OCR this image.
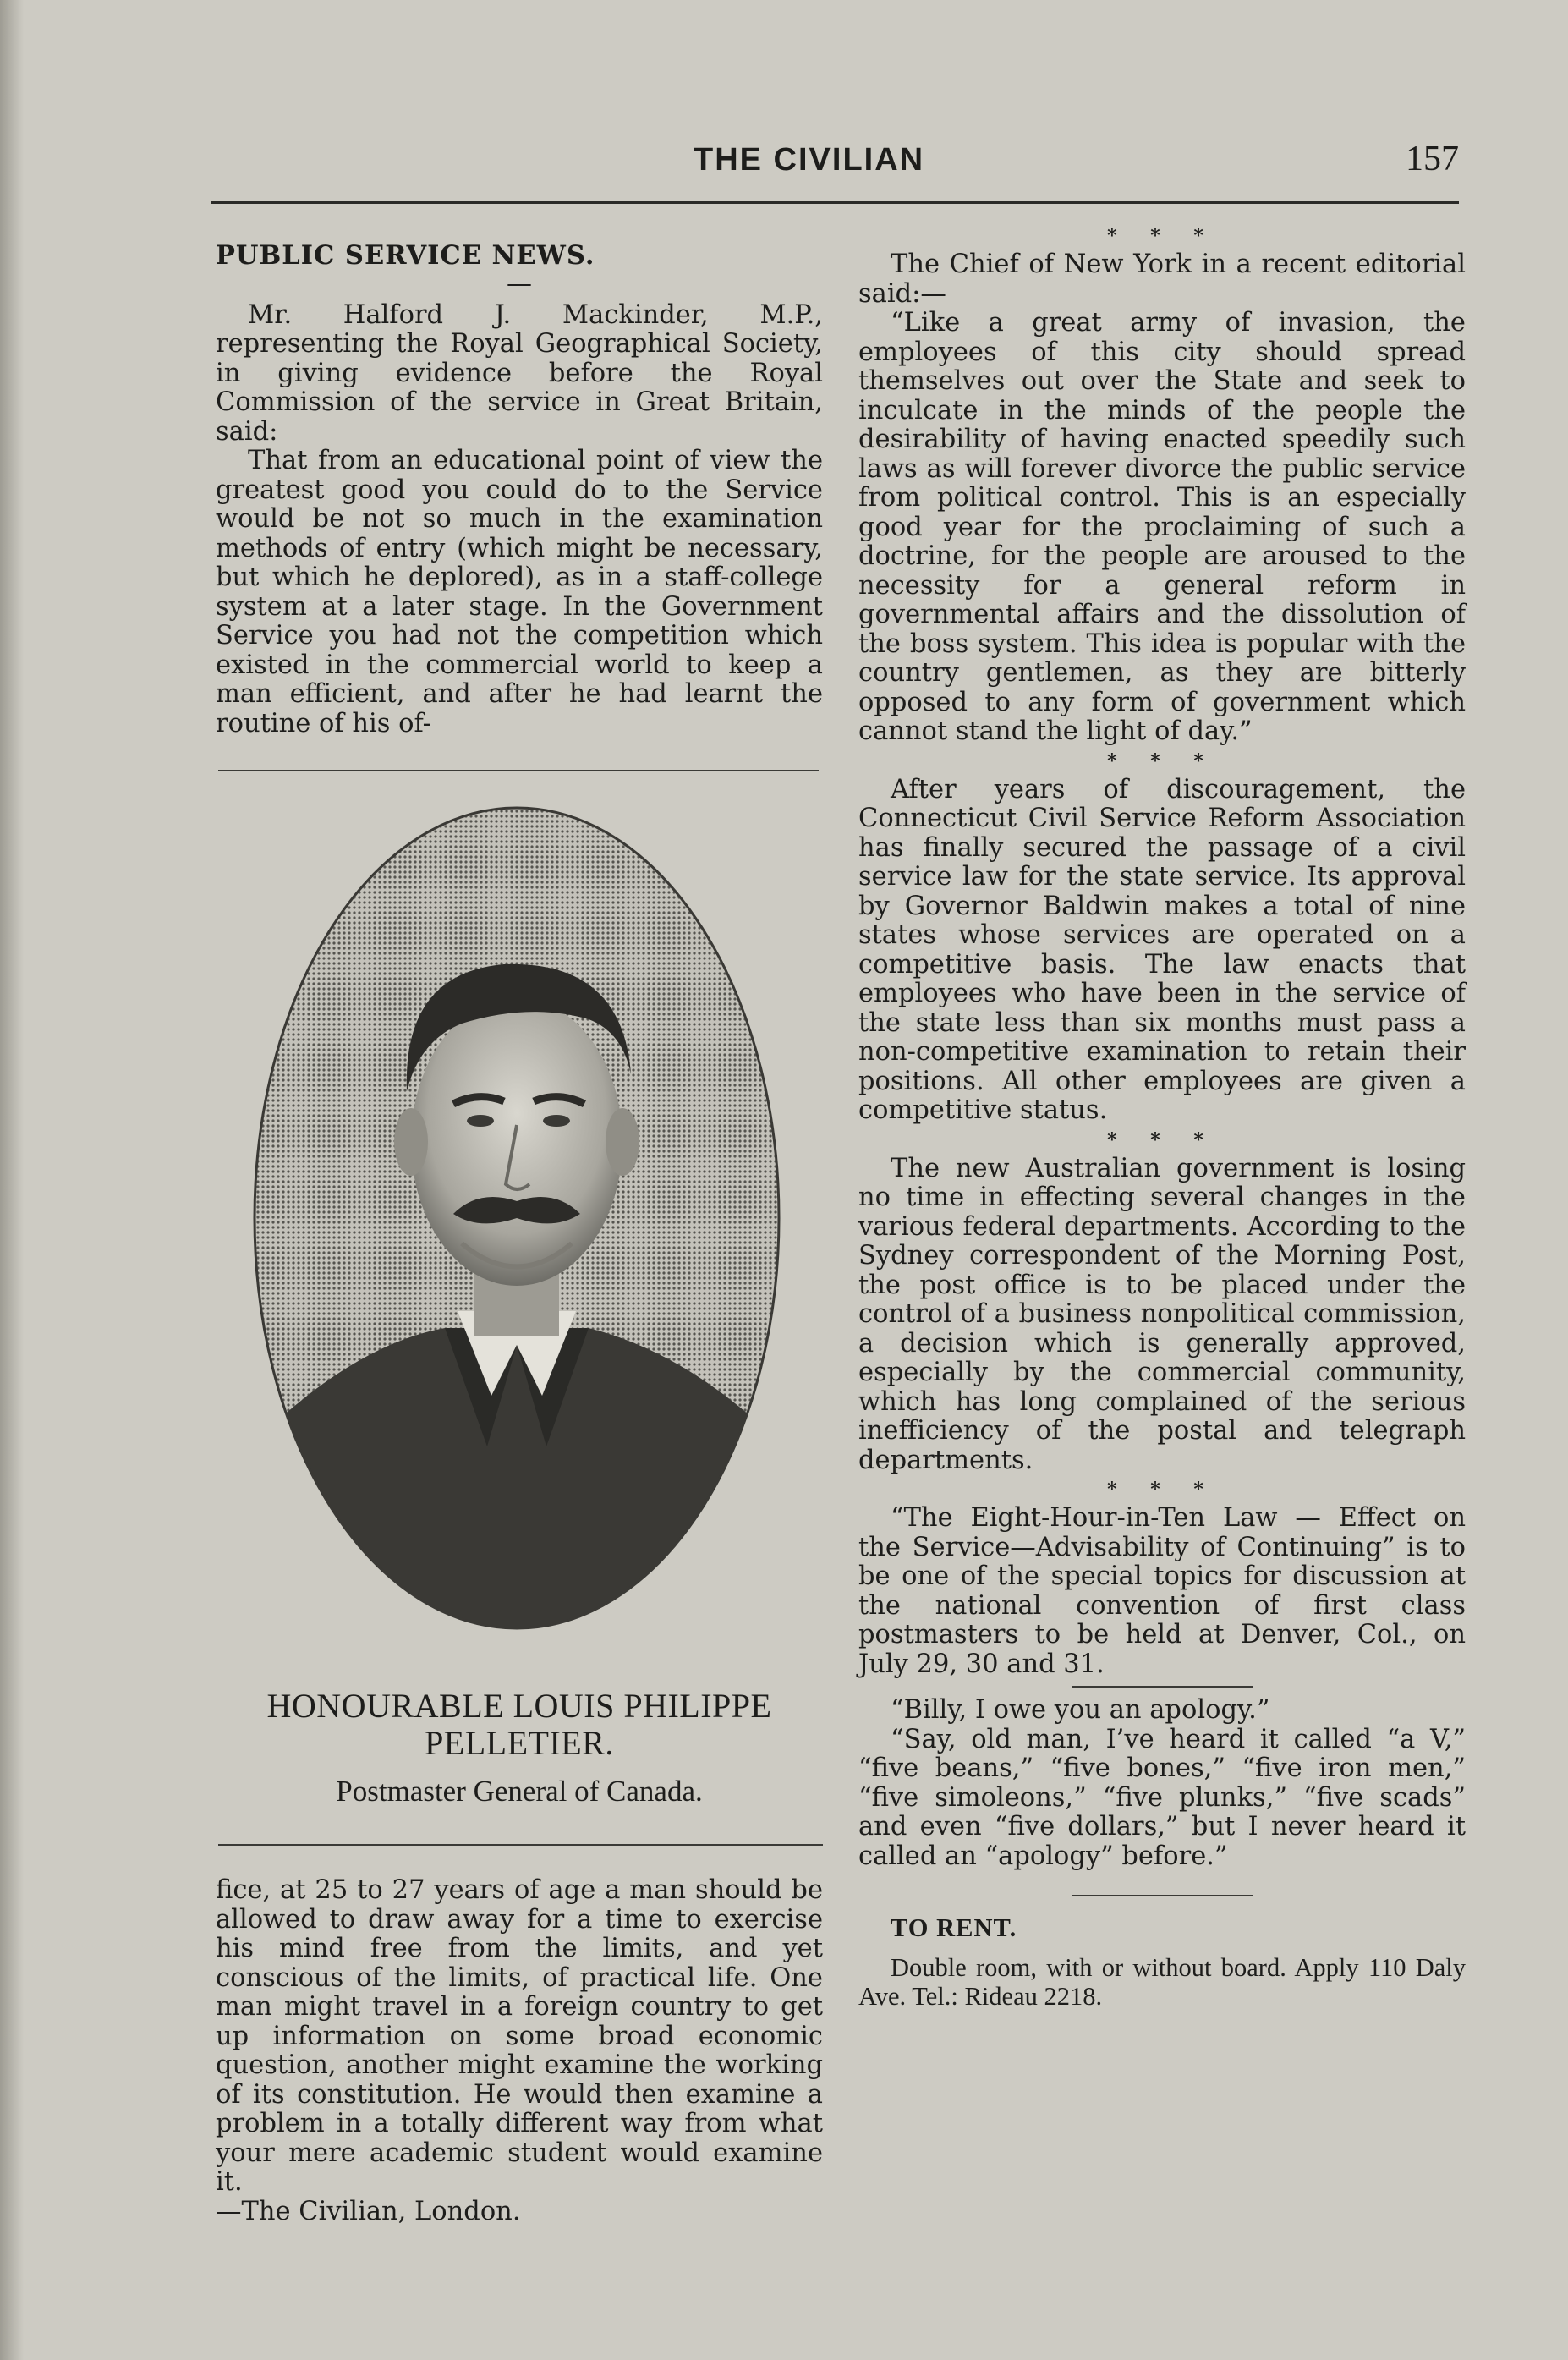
THE CIVILIAN	157

PUBLIC SERVICE NEWS.

—

Mr. Halford J. Mackinder, M.P., representing the Royal Geographical Society, in giving evidence before the Royal Commission of the service in Great Britain, said:

That from an educational point of view the greatest good you could do to the Service would be not so much in the examination methods of entry (which might be necessary, but which he deplored), as in a staff-college system at a later stage. In the Government Service you had not the competition which existed in the commercial world to keep a man efficient, and after he had learnt the routine of his of-

HONOURABLE LOUIS PHILIPPE
PELLETIER.
Postmaster General of Canada.

fice, at 25 to 27 years of age a man should be allowed to draw away for a time to exercise his mind free from the limits, and yet conscious of the limits, of practical life. One man might travel in a foreign country to get up information on some broad economic question, another might examine the working of its constitution. He would then examine a problem in a totally different way from what your mere academic student would examine it.

—The Civilian, London.

* * *

The Chief of New York in a recent editorial said:—

“Like a great army of invasion, the employees of this city should spread themselves out over the State and seek to inculcate in the minds of the people the desirability of having enacted speedily such laws as will forever divorce the public service from political control. This is an especially good year for the proclaiming of such a doctrine, for the people are aroused to the necessity for a general reform in governmental affairs and the dissolution of the boss system. This idea is popular with the country gentlemen, as they are bitterly opposed to any form of government which cannot stand the light of day.”

* * *

After years of discouragement, the Connecticut Civil Service Reform Association has finally secured the passage of a civil service law for the state service. Its approval by Governor Baldwin makes a total of nine states whose services are operated on a competitive basis. The law enacts that employees who have been in the service of the state less than six months must pass a non-competitive examination to retain their positions. All other employees are given a competitive status.

* * *

The new Australian government is losing no time in effecting several changes in the various federal departments. According to the Sydney correspondent of the Morning Post, the post office is to be placed under the control of a business nonpolitical commission, a decision which is generally approved, especially by the commercial community, which has long complained of the serious inefficiency of the postal and telegraph departments.

* * *

“The Eight-Hour-in-Ten Law — Effect on the Service—Advisability of Continuing” is to be one of the special topics for discussion at the national convention of first class postmasters to be held at Denver, Col., on July 29, 30 and 31.

“Billy, I owe you an apology.”

“Say, old man, I’ve heard it called “a V,” “five beans,” “five bones,” “five iron men,” “five simoleons,” “five plunks,” “five scads” and even “five dollars,” but I never heard it called an “apology” before.”

TO RENT.

Double room, with or without board. Apply 110 Daly Ave. Tel.: Rideau 2218.
